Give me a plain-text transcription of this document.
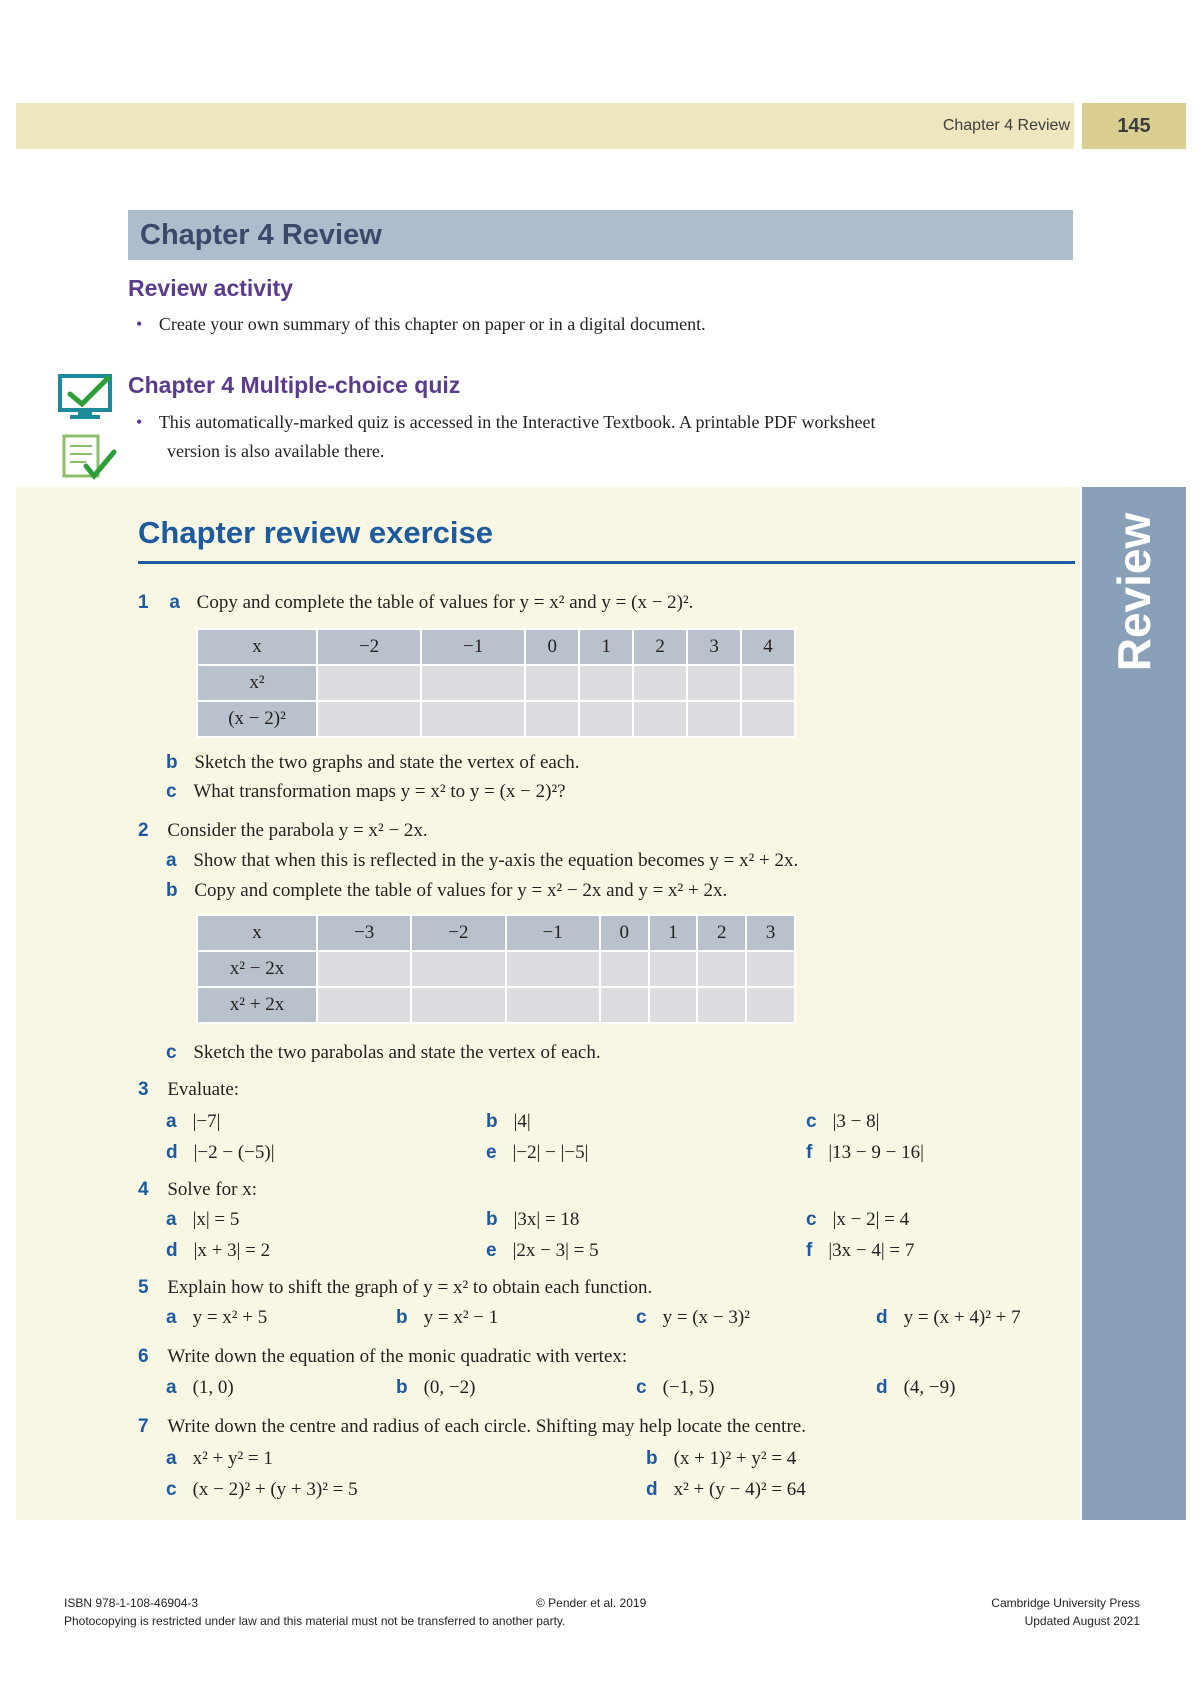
Chapter 4 Review	145
Chapter 4 Review
Review activity
• Create your own summary of this chapter on paper or in a digital document.
Chapter 4 Multiple-choice quiz
• This automatically-marked quiz is accessed in the Interactive Textbook. A printable PDF worksheet
version is also available there.
Review
Chapter review exercise
1 a Copy and complete the table of values for y = x² and y = (x − 2)².
x	−2	−1	0	1	2	3	4
x²							
(x − 2)²							
b Sketch the two graphs and state the vertex of each.
c What transformation maps y = x² to y = (x − 2)²?
2 Consider the parabola y = x² − 2x.
a Show that when this is reflected in the y-axis the equation becomes y = x² + 2x.
b Copy and complete the table of values for y = x² − 2x and y = x² + 2x.
x	−3	−2	−1	0	1	2	3
x² − 2x							
x² + 2x							
c Sketch the two parabolas and state the vertex of each.
3 Evaluate:
a |−7|	b |4|	c |3 − 8|
d |−2 − (−5)|	e |−2| − |−5|	f |13 − 9 − 16|
4 Solve for x:
a |x| = 5	b |3x| = 18	c |x − 2| = 4
d |x + 3| = 2	e |2x − 3| = 5	f |3x − 4| = 7
5 Explain how to shift the graph of y = x² to obtain each function.
a y = x² + 5	b y = x² − 1	c y = (x − 3)²	d y = (x + 4)² + 7
6 Write down the equation of the monic quadratic with vertex:
a (1, 0)	b (0, −2)	c (−1, 5)	d (4, −9)
7 Write down the centre and radius of each circle. Shifting may help locate the centre.
a x² + y² = 1	b (x + 1)² + y² = 4
c (x − 2)² + (y + 3)² = 5	d x² + (y − 4)² = 64
ISBN 978-1-108-46904-3
Photocopying is restricted under law and this material must not be transferred to another party.
© Pender et al. 2019	Cambridge University Press
Updated August 2021
